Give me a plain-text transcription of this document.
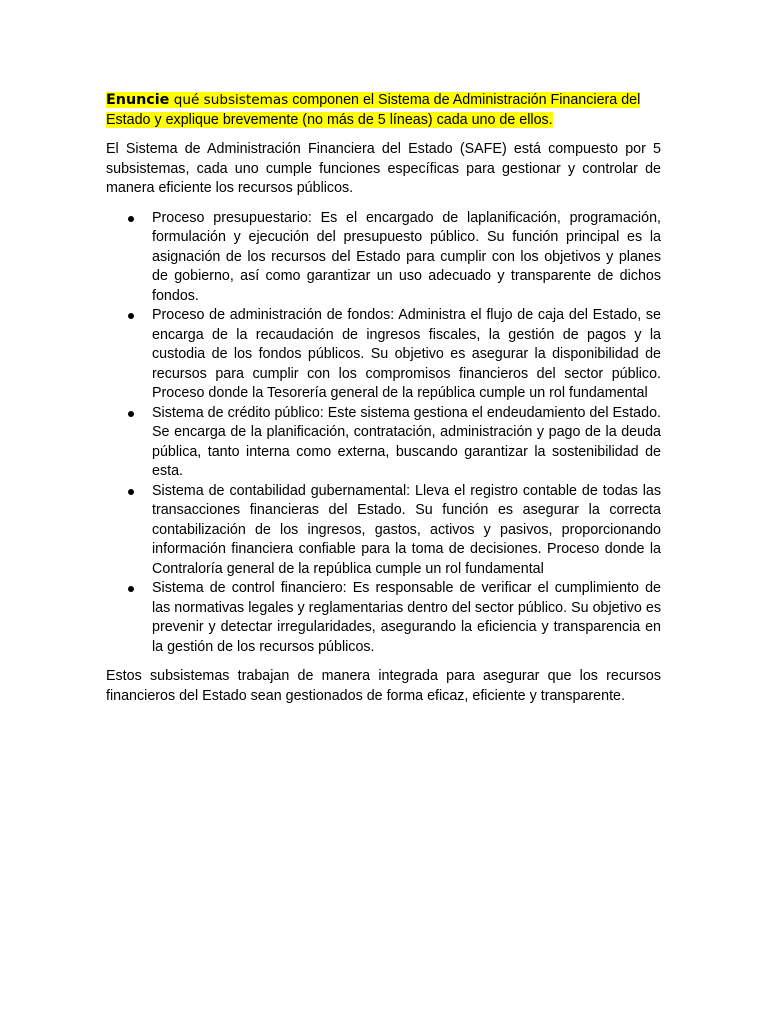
Enuncie qué subsistemas componen el Sistema de Administración Financiera del Estado y explique brevemente (no más de 5 líneas) cada uno de ellos.

El Sistema de Administración Financiera del Estado (SAFE) está compuesto por 5 subsistemas, cada uno cumple funciones específicas para gestionar y controlar de manera eficiente los recursos públicos.

Proceso presupuestario: Es el encargado de laplanificación, programación, formulación y ejecución del presupuesto público. Su función principal es la asignación de los recursos del Estado para cumplir con los objetivos y planes de gobierno, así como garantizar un uso adecuado y transparente de dichos fondos.
Proceso de administración de fondos: Administra el flujo de caja del Estado, se encarga de la recaudación de ingresos fiscales, la gestión de pagos y la custodia de los fondos públicos. Su objetivo es asegurar la disponibilidad de recursos para cumplir con los compromisos financieros del sector público. Proceso donde la Tesorería general de la república cumple un rol fundamental
Sistema de crédito público: Este sistema gestiona el endeudamiento del Estado. Se encarga de la planificación, contratación, administración y pago de la deuda pública, tanto interna como externa, buscando garantizar la sostenibilidad de esta.
Sistema de contabilidad gubernamental: Lleva el registro contable de todas las transacciones financieras del Estado. Su función es asegurar la correcta contabilización de los ingresos, gastos, activos y pasivos, proporcionando información financiera confiable para la toma de decisiones. Proceso donde la Contraloría general de la república cumple un rol fundamental
Sistema de control financiero: Es responsable de verificar el cumplimiento de las normativas legales y reglamentarias dentro del sector público. Su objetivo es prevenir y detectar irregularidades, asegurando la eficiencia y transparencia en la gestión de los recursos públicos.

Estos subsistemas trabajan de manera integrada para asegurar que los recursos financieros del Estado sean gestionados de forma eficaz, eficiente y transparente.
